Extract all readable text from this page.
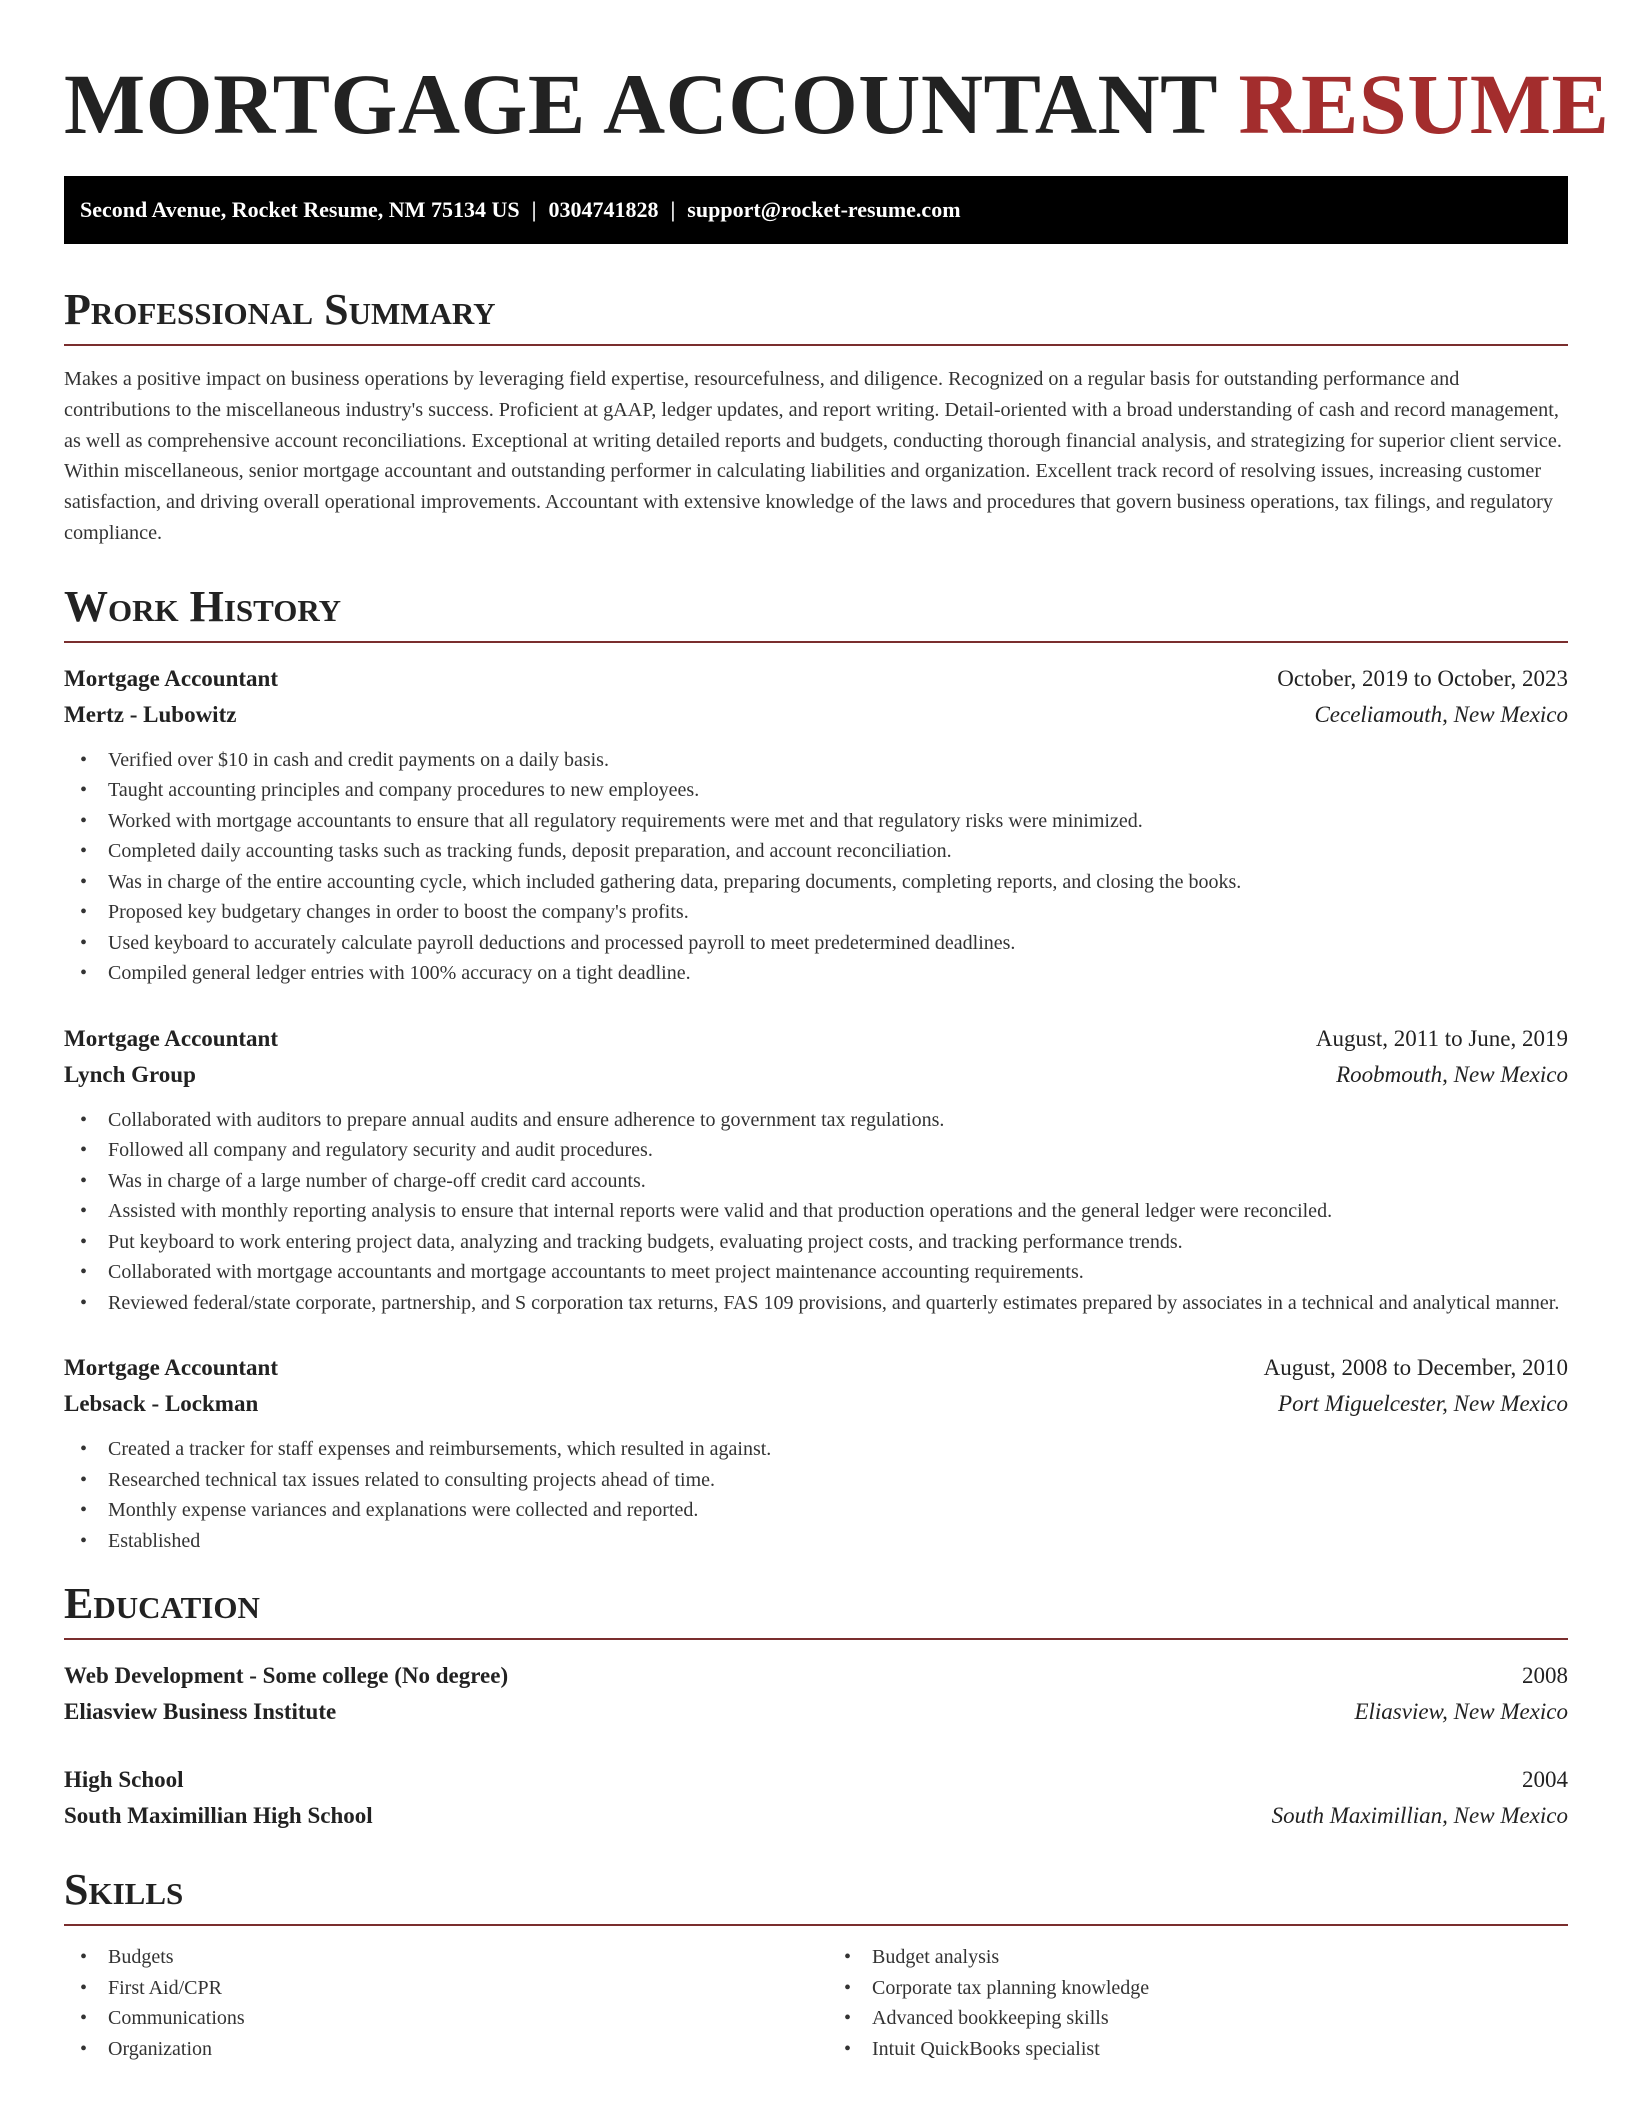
MORTGAGE ACCOUNTANT RESUME
Second Avenue, Rocket Resume, NM 75134 US | 0304741828 | support@rocket-resume.com
Professional Summary

Makes a positive impact on business operations by leveraging field expertise, resourcefulness, and diligence. Recognized on a regular basis for outstanding performance and contributions to the miscellaneous industry's success. Proficient at gAAP, ledger updates, and report writing. Detail-oriented with a broad understanding of cash and record management, as well as comprehensive account reconciliations. Exceptional at writing detailed reports and budgets, conducting thorough financial analysis, and strategizing for superior client service. Within miscellaneous, senior mortgage accountant and outstanding performer in calculating liabilities and organization. Excellent track record of resolving issues, increasing customer satisfaction, and driving overall operational improvements. Accountant with extensive knowledge of the laws and procedures that govern business operations, tax filings, and regulatory compliance.

Work History
Mortgage Accountant	October, 2019 to October, 2023
Mertz - Lubowitz	Ceceliamouth, New Mexico
• Verified over $10 in cash and credit payments on a daily basis.
• Taught accounting principles and company procedures to new employees.
• Worked with mortgage accountants to ensure that all regulatory requirements were met and that regulatory risks were minimized.
• Completed daily accounting tasks such as tracking funds, deposit preparation, and account reconciliation.
• Was in charge of the entire accounting cycle, which included gathering data, preparing documents, completing reports, and closing the books.
• Proposed key budgetary changes in order to boost the company's profits.
• Used keyboard to accurately calculate payroll deductions and processed payroll to meet predetermined deadlines.
• Compiled general ledger entries with 100% accuracy on a tight deadline.
Mortgage Accountant	August, 2011 to June, 2019
Lynch Group	Roobmouth, New Mexico
• Collaborated with auditors to prepare annual audits and ensure adherence to government tax regulations.
• Followed all company and regulatory security and audit procedures.
• Was in charge of a large number of charge-off credit card accounts.
• Assisted with monthly reporting analysis to ensure that internal reports were valid and that production operations and the general ledger were reconciled.
• Put keyboard to work entering project data, analyzing and tracking budgets, evaluating project costs, and tracking performance trends.
• Collaborated with mortgage accountants and mortgage accountants to meet project maintenance accounting requirements.
• Reviewed federal/state corporate, partnership, and S corporation tax returns, FAS 109 provisions, and quarterly estimates prepared by associates in a technical and analytical manner.
Mortgage Accountant	August, 2008 to December, 2010
Lebsack - Lockman	Port Miguelcester, New Mexico
• Created a tracker for staff expenses and reimbursements, which resulted in against.
• Researched technical tax issues related to consulting projects ahead of time.
• Monthly expense variances and explanations were collected and reported.
• Established
Education
Web Development - Some college (No degree)	2008
Eliasview Business Institute	Eliasview, New Mexico
High School	2004
South Maximillian High School	South Maximillian, New Mexico
Skills
• Budgets
• First Aid/CPR
• Communications
• Organization
• Budget analysis
• Corporate tax planning knowledge
• Advanced bookkeeping skills
• Intuit QuickBooks specialist
